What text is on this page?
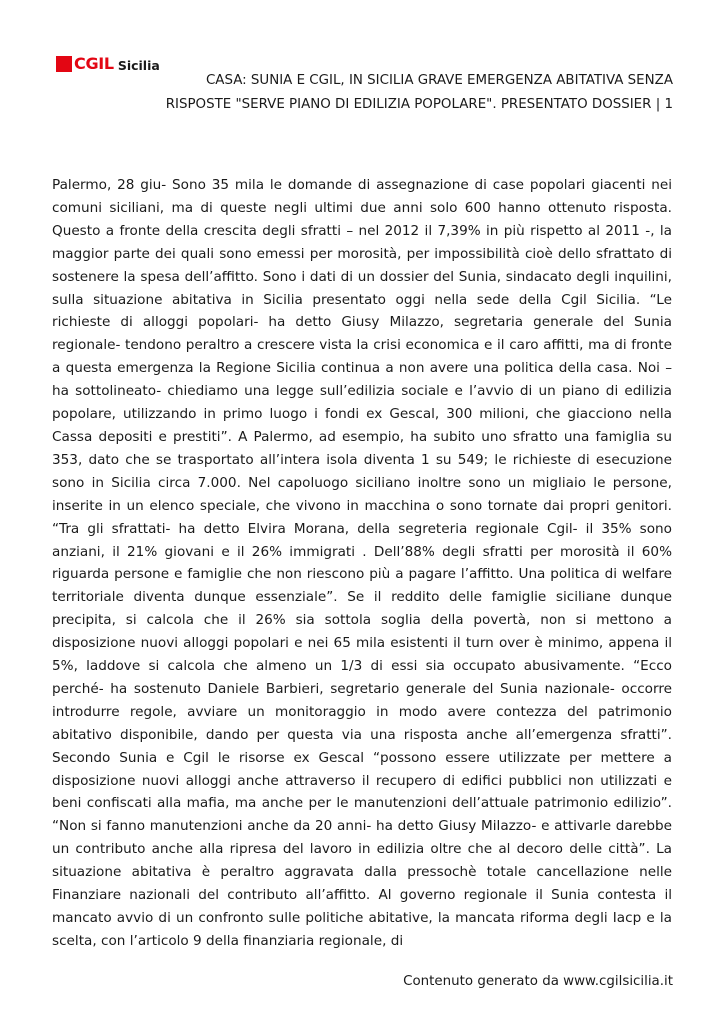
CGIL Sicilia
CASA: SUNIA E CGIL, IN SICILIA GRAVE EMERGENZA ABITATIVA SENZA RISPOSTE "SERVE PIANO DI EDILIZIA POPOLARE". PRESENTATO DOSSIER | 1

Palermo, 28 giu- Sono 35 mila le domande di assegnazione di case popolari giacenti nei comuni siciliani, ma di queste negli ultimi due anni solo 600 hanno ottenuto risposta. Questo a fronte della crescita degli sfratti – nel 2012 il 7,39% in più rispetto al 2011 -, la maggior parte dei quali sono emessi per morosità, per impossibilità cioè dello sfrattato di sostenere la spesa dell’affitto. Sono i dati di un dossier del Sunia, sindacato degli inquilini, sulla situazione abitativa in Sicilia presentato oggi nella sede della Cgil Sicilia. “Le richieste di alloggi popolari- ha detto Giusy Milazzo, segretaria generale del Sunia regionale- tendono peraltro a crescere vista la crisi economica e il caro affitti, ma di fronte a questa emergenza la Regione Sicilia continua a non avere una politica della casa. Noi – ha sottolineato- chiediamo una legge sull’edilizia sociale e l’avvio di un piano di edilizia popolare, utilizzando in primo luogo i fondi ex Gescal, 300 milioni, che giacciono nella Cassa depositi e prestiti”. A Palermo, ad esempio, ha subito uno sfratto una famiglia su 353, dato che se trasportato all’intera isola diventa 1 su 549; le richieste di esecuzione sono in Sicilia circa 7.000. Nel capoluogo siciliano inoltre sono un migliaio le persone, inserite in un elenco speciale, che vivono in macchina o sono tornate dai propri genitori. “Tra gli sfrattati- ha detto Elvira Morana, della segreteria regionale Cgil- il 35% sono anziani, il 21% giovani e il 26% immigrati . Dell’88% degli sfratti per morosità il 60% riguarda persone e famiglie che non riescono più a pagare l’affitto. Una politica di welfare territoriale diventa dunque essenziale”. Se il reddito delle famiglie siciliane dunque precipita, si calcola che il 26% sia sottola soglia della povertà, non si mettono a disposizione nuovi alloggi popolari e nei 65 mila esistenti il turn over è minimo, appena il 5%, laddove si calcola che almeno un 1/3 di essi sia occupato abusivamente. “Ecco perché- ha sostenuto Daniele Barbieri, segretario generale del Sunia nazionale- occorre introdurre regole, avviare un monitoraggio in modo avere contezza del patrimonio abitativo disponibile, dando per questa via una risposta anche all’emergenza sfratti”. Secondo Sunia e Cgil le risorse ex Gescal “possono essere utilizzate per mettere a disposizione nuovi alloggi anche attraverso il recupero di edifici pubblici non utilizzati e beni confiscati alla mafia, ma anche per le manutenzioni dell’attuale patrimonio edilizio”. “Non si fanno manutenzioni anche da 20 anni- ha detto Giusy Milazzo- e attivarle darebbe un contributo anche alla ripresa del lavoro in edilizia oltre che al decoro delle città”. La situazione abitativa è peraltro aggravata dalla pressochè totale cancellazione nelle Finanziare nazionali del contributo all’affitto. Al governo regionale il Sunia contesta il mancato avvio di un confronto sulle politiche abitative, la mancata riforma degli Iacp e la scelta, con l’articolo 9 della finanziaria regionale, di

Contenuto generato da www.cgilsicilia.it
